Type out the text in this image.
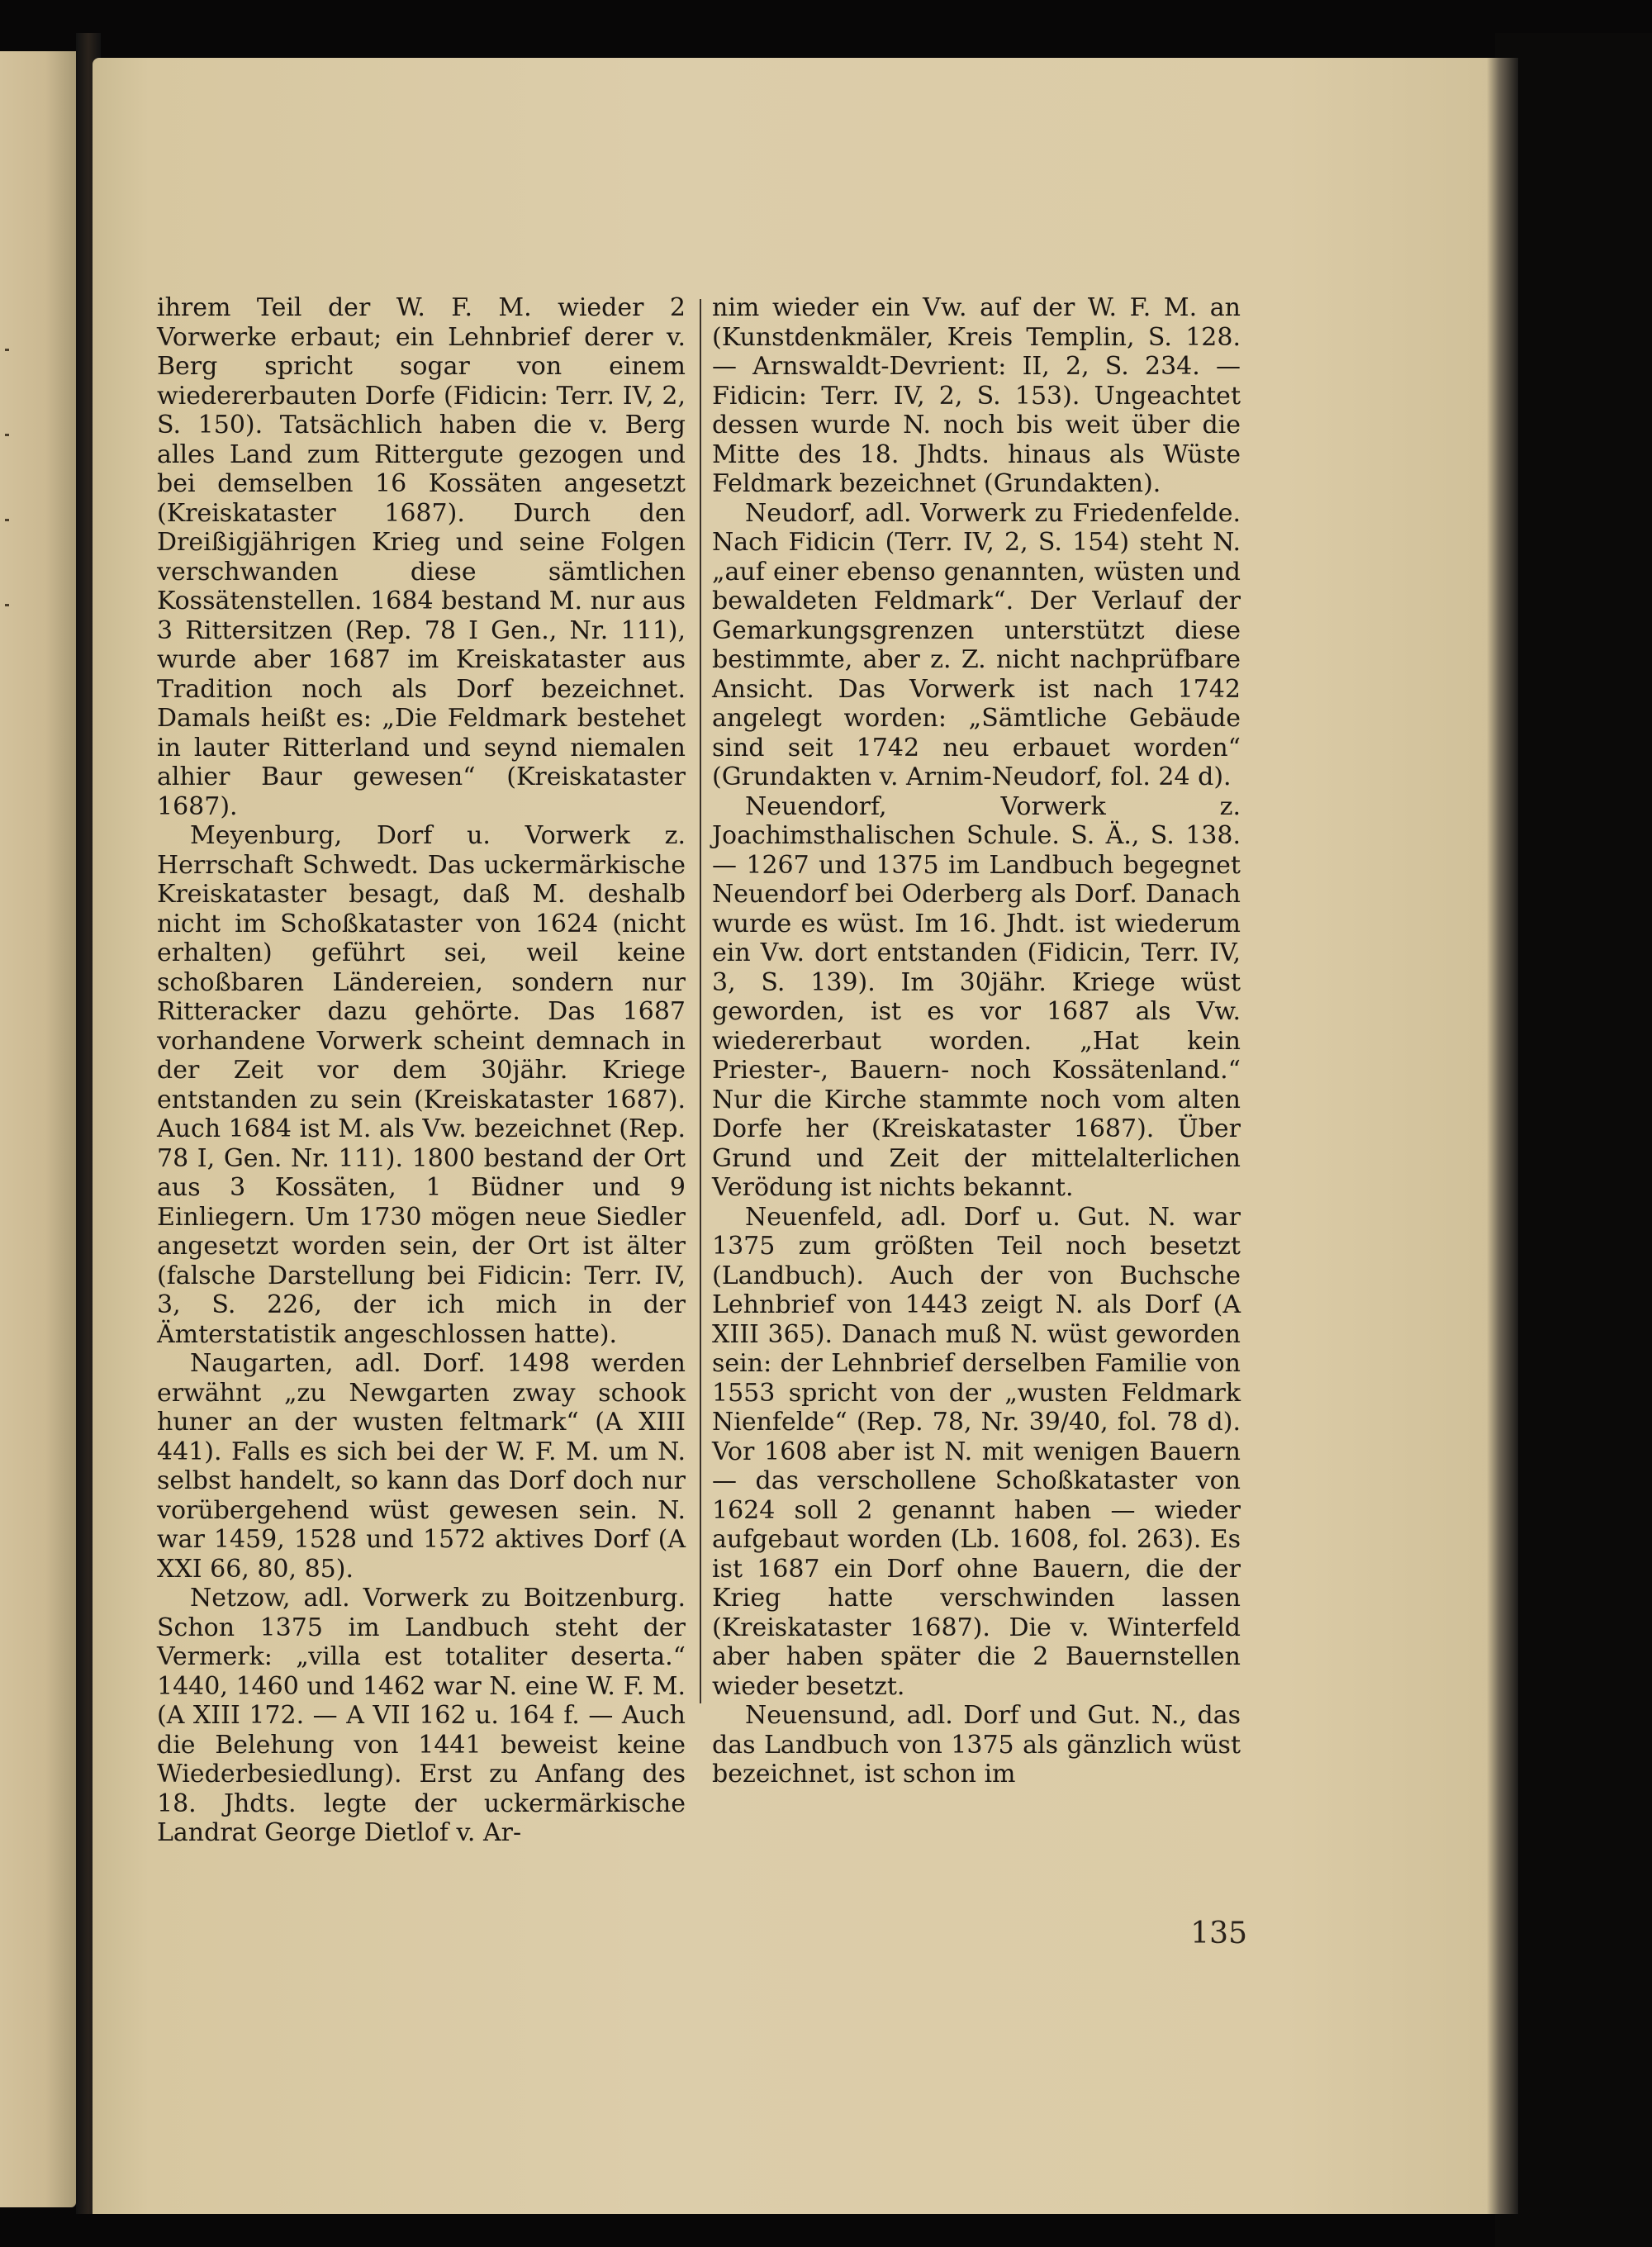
ihrem Teil der W. F. M. wieder 2 Vorwerke erbaut; ein Lehnbrief derer v. Berg spricht sogar von einem wiedererbauten Dorfe (Fidicin: Terr. IV, 2, S. 150). Tatsächlich haben die v. Berg alles Land zum Rittergute gezogen und bei demselben 16 Kossäten angesetzt (Kreiskataster 1687). Durch den Dreißigjährigen Krieg und seine Folgen verschwanden diese sämtlichen Kossätenstellen. 1684 bestand M. nur aus 3 Rittersitzen (Rep. 78 I Gen., Nr. 111), wurde aber 1687 im Kreiskataster aus Tradition noch als Dorf bezeichnet. Damals heißt es: „Die Feldmark bestehet in lauter Ritterland und seynd niemalen alhier Baur gewesen“ (Kreiskataster 1687).

Meyenburg, Dorf u. Vorwerk z. Herrschaft Schwedt. Das uckermärkische Kreiskataster besagt, daß M. deshalb nicht im Schoßkataster von 1624 (nicht erhalten) geführt sei, weil keine schoßbaren Ländereien, sondern nur Ritteracker dazu gehörte. Das 1687 vorhandene Vorwerk scheint demnach in der Zeit vor dem 30jähr. Kriege entstanden zu sein (Kreiskataster 1687). Auch 1684 ist M. als Vw. bezeichnet (Rep. 78 I, Gen. Nr. 111). 1800 bestand der Ort aus 3 Kossäten, 1 Büdner und 9 Einliegern. Um 1730 mögen neue Siedler angesetzt worden sein, der Ort ist älter (falsche Darstellung bei Fidicin: Terr. IV, 3, S. 226, der ich mich in der Ämterstatistik angeschlossen hatte).

Naugarten, adl. Dorf. 1498 werden erwähnt „zu Newgarten zway schook huner an der wusten feltmark“ (A XIII 441). Falls es sich bei der W. F. M. um N. selbst handelt, so kann das Dorf doch nur vorübergehend wüst gewesen sein. N. war 1459, 1528 und 1572 aktives Dorf (A XXI 66, 80, 85).

Netzow, adl. Vorwerk zu Boitzenburg. Schon 1375 im Landbuch steht der Vermerk: „villa est totaliter deserta.“ 1440, 1460 und 1462 war N. eine W. F. M. (A XIII 172. — A VII 162 u. 164 f. — Auch die Belehung von 1441 beweist keine Wiederbesiedlung). Erst zu Anfang des 18. Jhdts. legte der uckermärkische Landrat George Dietlof v. Ar-

nim wieder ein Vw. auf der W. F. M. an (Kunstdenkmäler, Kreis Templin, S. 128. — Arnswaldt-Devrient: II, 2, S. 234. — Fidicin: Terr. IV, 2, S. 153). Ungeachtet dessen wurde N. noch bis weit über die Mitte des 18. Jhdts. hinaus als Wüste Feldmark bezeichnet (Grundakten).

Neudorf, adl. Vorwerk zu Friedenfelde. Nach Fidicin (Terr. IV, 2, S. 154) steht N. „auf einer ebenso genannten, wüsten und bewaldeten Feldmark“. Der Verlauf der Gemarkungsgrenzen unterstützt diese bestimmte, aber z. Z. nicht nachprüfbare Ansicht. Das Vorwerk ist nach 1742 angelegt worden: „Sämtliche Gebäude sind seit 1742 neu erbauet worden“ (Grundakten v. Arnim-Neudorf, fol. 24 d).

Neuendorf, Vorwerk z. Joachimsthalischen Schule. S. Ä., S. 138. — 1267 und 1375 im Landbuch begegnet Neuendorf bei Oderberg als Dorf. Danach wurde es wüst. Im 16. Jhdt. ist wiederum ein Vw. dort entstanden (Fidicin, Terr. IV, 3, S. 139). Im 30jähr. Kriege wüst geworden, ist es vor 1687 als Vw. wiedererbaut worden. „Hat kein Priester-, Bauern- noch Kossätenland.“ Nur die Kirche stammte noch vom alten Dorfe her (Kreiskataster 1687). Über Grund und Zeit der mittelalterlichen Verödung ist nichts bekannt.

Neuenfeld, adl. Dorf u. Gut. N. war 1375 zum größten Teil noch besetzt (Landbuch). Auch der von Buchsche Lehnbrief von 1443 zeigt N. als Dorf (A XIII 365). Danach muß N. wüst geworden sein: der Lehnbrief derselben Familie von 1553 spricht von der „wusten Feldmark Nienfelde“ (Rep. 78, Nr. 39/40, fol. 78 d). Vor 1608 aber ist N. mit wenigen Bauern — das verschollene Schoßkataster von 1624 soll 2 genannt haben — wieder aufgebaut worden (Lb. 1608, fol. 263). Es ist 1687 ein Dorf ohne Bauern, die der Krieg hatte verschwinden lassen (Kreiskataster 1687). Die v. Winterfeld aber haben später die 2 Bauernstellen wieder besetzt.

Neuensund, adl. Dorf und Gut. N., das das Landbuch von 1375 als gänzlich wüst bezeichnet, ist schon im

135
